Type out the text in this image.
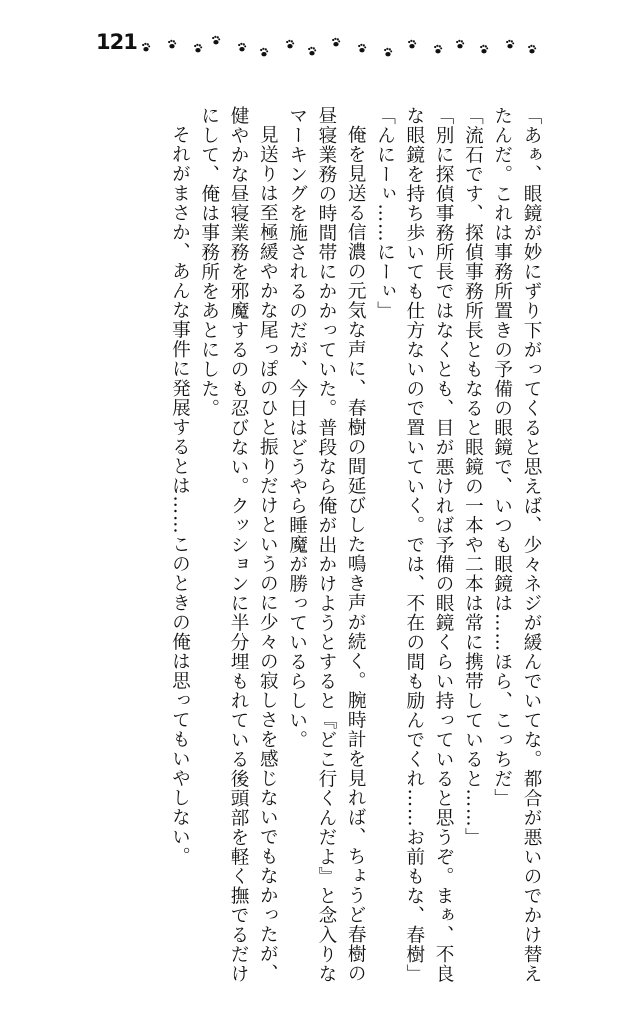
121

「あぁ、眼鏡が妙にずり下がってくると思えば、少々ネジが緩んでいてな。都合が悪いのでかけ替えたんだ。これは事務所置きの予備の眼鏡で、いつも眼鏡は……ほら、こっちだ」

「流石です、探偵事務所長ともなると眼鏡の一本や二本は常に携帯していると……」

「別に探偵事務所長ではなくとも、目が悪ければ予備の眼鏡くらい持っていると思うぞ。まぁ、不良な眼鏡を持ち歩いても仕方ないので置いていく。では、不在の間も励んでくれ……お前もな、春樹」

「んにーぃ……にーぃ」

俺を見送る信濃の元気な声に、春樹の間延びした鳴き声が続く。腕時計を見れば、ちょうど春樹の昼寝業務の時間帯にかかっていた。普段なら俺が出かけようとすると『どこ行くんだよ』と念入りなマーキングを施されるのだが、今日はどうやら睡魔が勝っているらしい。

見送りは至極緩やかな尾っぽのひと振りだけというのに少々の寂しさを感じないでもなかったが、健やかな昼寝業務を邪魔するのも忍びない。クッションに半分埋もれている後頭部を軽く撫でるだけにして、俺は事務所をあとにした。

それがまさか、あんな事件に発展するとは……このときの俺は思ってもいやしない。
